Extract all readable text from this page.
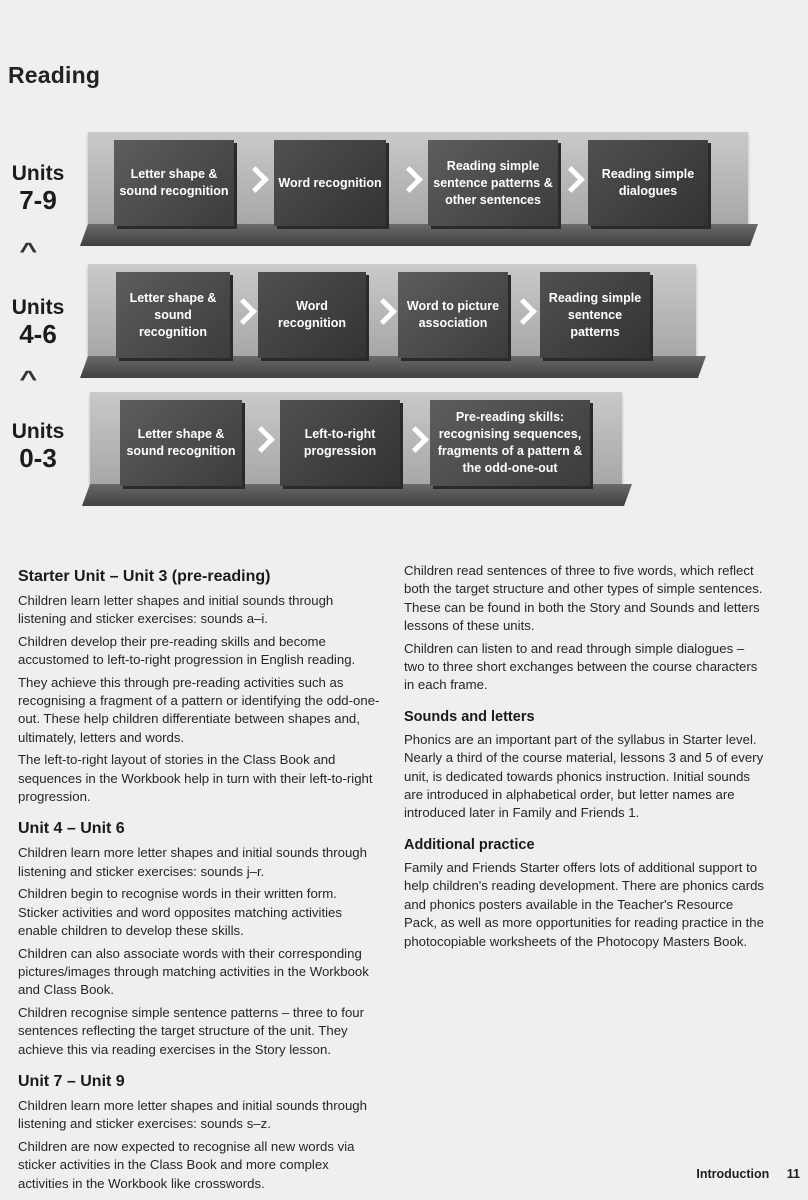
Reading
Units
7-9
Letter shape & sound recognition
Word recognition
Reading simple sentence patterns & other sentences
Reading simple dialogues
^
Units
4-6
Letter shape & sound recognition
Word recognition
Word to picture association
Reading simple sentence patterns
^
Units
0-3
Letter shape & sound recognition
Left-to-right progression
Pre-reading skills: recognising sequences, fragments of a pattern & the odd-one-out
Starter Unit – Unit 3 (pre-reading)

Children learn letter shapes and initial sounds through listening and sticker exercises: sounds a–i.

Children develop their pre-reading skills and become accustomed to left-to-right progression in English reading.

They achieve this through pre-reading activities such as recognising a fragment of a pattern or identifying the odd-one-out. These help children differentiate between shapes and, ultimately, letters and words.

The left-to-right layout of stories in the Class Book and sequences in the Workbook help in turn with their left-to-right progression.

Unit 4 – Unit 6

Children learn more letter shapes and initial sounds through listening and sticker exercises: sounds j–r.

Children begin to recognise words in their written form. Sticker activities and word opposites matching activities enable children to develop these skills.

Children can also associate words with their corresponding pictures/images through matching activities in the Workbook and Class Book.

Children recognise simple sentence patterns – three to four sentences reflecting the target structure of the unit. They achieve this via reading exercises in the Story lesson.

Unit 7 – Unit 9

Children learn more letter shapes and initial sounds through listening and sticker exercises: sounds s–z.

Children are now expected to recognise all new words via sticker activities in the Class Book and more complex activities in the Workbook like crosswords.

Children read sentences of three to five words, which reflect both the target structure and other types of simple sentences. These can be found in both the Story and Sounds and letters lessons of these units.

Children can listen to and read through simple dialogues – two to three short exchanges between the course characters in each frame.

Sounds and letters

Phonics are an important part of the syllabus in Starter level. Nearly a third of the course material, lessons 3 and 5 of every unit, is dedicated towards phonics instruction. Initial sounds are introduced in alphabetical order, but letter names are introduced later in Family and Friends 1.

Additional practice

Family and Friends Starter offers lots of additional support to help children's reading development. There are phonics cards and phonics posters available in the Teacher's Resource Pack, as well as more opportunities for reading practice in the photocopiable worksheets of the Photocopy Masters Book.

Introduction 11
